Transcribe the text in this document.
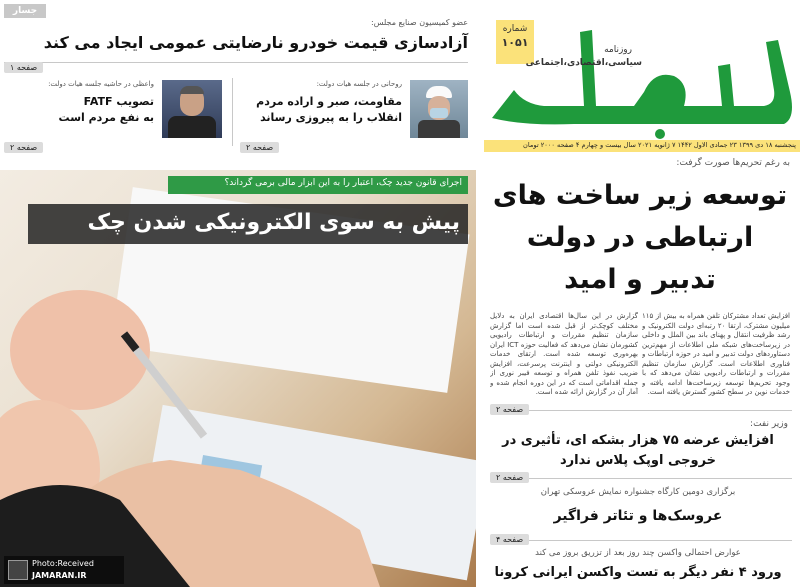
شماره
۱۰۵۱
روزنامه
سیاسی،اقتصادی،اجتماعی
پنجشنبه ۱۸ دی ۱۳۹۹ ۲۳ جمادی الاول ۱۴۴۲ ۷ ژانویه ۲۰۲۱ سال بیست و چهارم ۴ صفحه ۲۰۰۰ تومان
جسار
عضو کمیسیون صنایع مجلس:
آزادسازی قیمت خودرو نارضایتی عمومی ایجاد می کند
صفحه ۱
روحانی در جلسه هیات دولت:
مقاومت، صبر و اراده مردم
انقلاب را به پیروزی رساند
صفحه ۲
واعظی در حاشیه جلسه هیات دولت:
تصویب FATF
به نفع مردم است
صفحه ۲
اجرای قانون جدید چک، اعتبار را به این ابزار مالی برمی گرداند؟
پیش به سوی الکترونیکی شدن چک
Photo:Received
JAMARAN.IR
به رغم تحریم‌ها صورت گرفت:
توسعه زیر ساخت های
ارتباطی در دولت
تدبیر و امید
افزایش تعداد مشترکان تلفن همراه به بیش از ۱۱۵ میلیون مشترک، ارتقا ۲۰ رتبه‌ای دولت الکترونیک و رشد ظرفیت انتقال و پهنای باند بین الملل و داخلی در زیرساخت‌های شبکه ملی اطلاعات از مهم‌ترین دستاوردهای دولت تدبیر و امید در حوزه ارتباطات و فناوری اطلاعات است. گزارش سازمان تنظیم مقررات و ارتباطات رادیویی نشان می‌دهد که با وجود تحریم‌ها توسعه زیرساخت‌ها ادامه یافته و خدمات نوین در سطح کشور گسترش یافته است.
گزارش در این سال‌ها اقتصادی ایران به دلایل مختلف کوچک‌تر از قبل شده است اما گزارش سازمان تنظیم مقررات و ارتباطات رادیویی کشورمان نشان می‌دهد که فعالیت حوزه ICT ایران بهره‌وری توسعه شده است. ارتقای خدمات الکترونیکی دولتی و اینترنت پرسرعت، افزایش ضریب نفوذ تلفن همراه و توسعه فیبر نوری از جمله اقداماتی است که در این دوره انجام شده و آمار آن در گزارش ارائه شده است.
صفحه ۲
وزیر نفت:
افزایش عرضه ۷۵ هزار بشکه ای، تأثیری در
خروجی اوپک پلاس ندارد
صفحه ۲
برگزاری دومین کارگاه جشنواره نمایش عروسکی تهران
عروسک‌ها و تئاتر فراگیر
صفحه ۴
عوارض احتمالی واکسن چند روز بعد از تزریق بروز می کند
ورود ۴ نفر دیگر به تست واکسن ایرانی کرونا
